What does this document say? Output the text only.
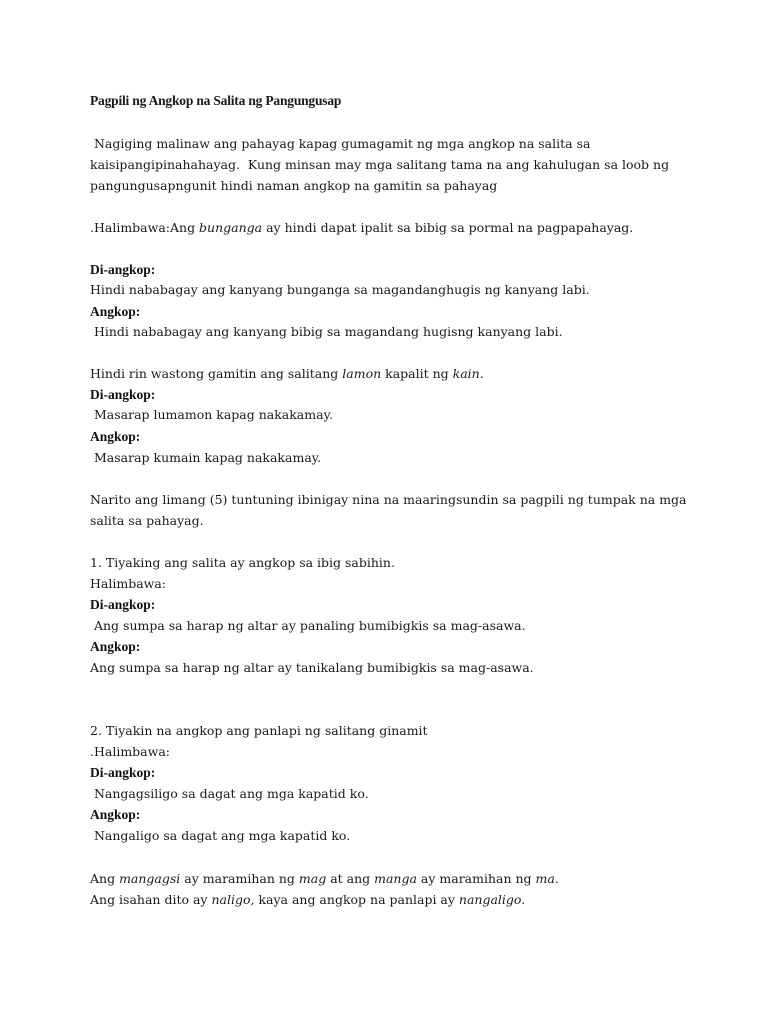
Pagpili ng Angkop na Salita ng Pangungusap

Nagiging malinaw ang pahayag kapag gumagamit ng mga angkop na salita sa

kaisipangipinahahayag.  Kung minsan may mga salitang tama na ang kahulugan sa loob ng

pangungusapngunit hindi naman angkop na gamitin sa pahayag

.Halimbawa:Ang bunganga ay hindi dapat ipalit sa bibig sa pormal na pagpapahayag.

Di-angkop:

Hindi nababagay ang kanyang bunganga sa magandanghugis ng kanyang labi.

Angkop:

Hindi nababagay ang kanyang bibig sa magandang hugisng kanyang labi.

Hindi rin wastong gamitin ang salitang lamon kapalit ng kain.

Di-angkop:

Masarap lumamon kapag nakakamay.

Angkop:

Masarap kumain kapag nakakamay.

Narito ang limang (5) tuntuning ibinigay nina na maaringsundin sa pagpili ng tumpak na mga

salita sa pahayag.

1. Tiyaking ang salita ay angkop sa ibig sabihin.

Halimbawa:

Di-angkop:

Ang sumpa sa harap ng altar ay panaling bumibigkis sa mag-asawa.

Angkop:

Ang sumpa sa harap ng altar ay tanikalang bumibigkis sa mag-asawa.

2. Tiyakin na angkop ang panlapi ng salitang ginamit

.Halimbawa:

Di-angkop:

Nangagsiligo sa dagat ang mga kapatid ko.

Angkop:

Nangaligo sa dagat ang mga kapatid ko.

Ang mangagsi ay maramihan ng mag at ang manga ay maramihan ng ma.

Ang isahan dito ay naligo, kaya ang angkop na panlapi ay nangaligo.
